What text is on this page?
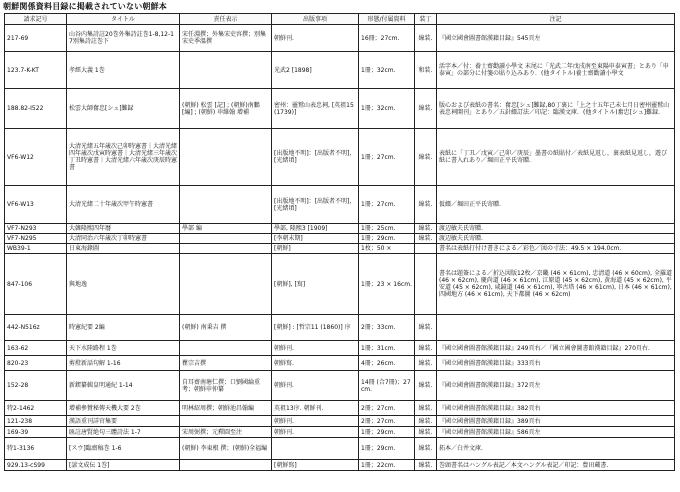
朝鮮関係資料目録に掲載されていない朝鮮本
請求記号	タイトル	責任表示	出版事項	形態/付属資料	装丁	注記
217-69	山谷内集詩註20巻外集詩註巻1-8,12-17別集詩註巻下	宋任淵撰；外集宋史容撰；別集宋史季溫撰	朝鮮刊.	16冊；27cm.	線装.	『國立國會圖書館漢籍目録』545頁左
123.7-K-KT	孝經大義 1巻		光武2 [1898]	1冊；32cm.	和装.	活字本／付：養士齋勸讀小學文 末尾に「光武二年戊戌南至東陽申泰寅書」とあり「申泰寅」の部分に付箋の貼り込みあり．(他タイトル)養士齋勸讀小學文
188.82-I522	松雲大師奮忠[シュ]難録	(朝鮮) 松雲 [記] ; (朝鮮)南鵬 [編] ; (朝鮮) 申維翰 增補	密州：靈鷲山表忠祠, [英祖15 (1739)]	1冊；32cm.	線装.	版心および表紙の書名：奮忠[シュ]難録,80丁裏に「上之十五年己未七月日密州靈鷲山表忠祠開刊」とあり／五針綴訂法／印記：臨漢文庫．(他タイトル)奮忠[シュ]難録．
VF6-W12	大清光緒五年歳次己卯時憲書｜大清光緒四年歳次戊寅時憲書｜大清光緒三年歳次丁丑時憲書｜大清光緒六年歳次庚辰時憲書		[出版地不明]：[出版者不明], [光緒頃]	1冊；27cm.	線装.	表紙に「丁丑／戊寅／己卯／庚辰」墨書の紙貼付／表紙見返し，裏表紙見返し，遊び紙に書入れあり／堀田正平氏寄贈.
VF6-W13	大清光緒二十年歳次甲午時憲書		[出版地不明]：[出版者不明], [光緒頃]	1冊；27cm.	線装.	仮綴／堀田正平氏寄贈.
VF7-N293	大韓隆熙四年暦	學部 編	學部, 隆熙3 [1909]	1冊；25cm.	線装.	渡辺敏夫氏寄贈.
VF7-N295	大清同治六年歳次丁卯時憲書		[李朝末期]	1冊；29cm.	線装.	渡辺敏夫氏寄贈.
WB39-1	日東海錄圖		[朝鮮]	1枚；50 ×		書名は表紙打付け書きによる／彩色／図の寸法：49.5 × 194.0cm.
847-106	與地逸		[朝鮮], [寫]	1冊；23 × 16cm.		書名は題簽による／折込図版12枚／京畿 (46 × 61cm), 忠清道 (46 × 60cm), 全羅道 (46 × 62cm), 慶尚道 (46 × 61cm), 江原道 (45 × 62cm), 黄海道 (45 × 62cm), 平安道 (45 × 62cm), 咸鏡道 (46 × 61cm), 寧古塔 (46 × 61cm), 日本 (46 × 61cm), 四國地方 (46 × 61cm), 天下都圖 (46 × 62cm)
442-N516z	時憲紀要 2編	(朝鮮) 南秉吉 撰	[朝鮮] : [哲宗11 (1860)] 序	2冊；33cm.	線装.	
163-62	天下水陸路程 1巻		朝鮮刊.	1冊；31cm.	線装.	『國立國會圖書館漢籍目録』249頁右／『國立國會圖書館漢籍目録』270頁右.
820-23	剪燈新話句解 1-16	瞿宗吉撰	朝鮮寫.	4冊；26cm.	線装.	『國立國會圖書館漢籍目録』333頁右
152-28	新鍥纂輯皇明通紀 1-14	自耳齋南塘仁撰；口劉國綸重考；朝鮮申仲纂	朝鮮刊.	14冊 (合7冊)；27cm.	線装.	『國立國會圖書館漢籍目録』372頁左
特2-1462	增補參贊秘傳天機大要 2巻	明林紹周撰；朝鮮池昌翰編	英祖13序. 朝鮮刊.	2冊；27cm.	線装.	『國立國會圖書館漢籍目録』382頁右
121-238	漢語重刊詳官集要		朝鮮刊.	2冊；27cm.	線装.	『國立國會圖書館漢籍目録』389頁右
169-39	匯註唐賢絶句三體詩法 1-7	宋周弼撰；元釋圓至注	朝鮮刊.	1冊；29cm.	線装.	『國立國會圖書館漢籍目録』586頁左
特1-3136	[スウ]臨齋稿巻 1-6	(朝鮮) 李東根 撰；(朝鮮)全福編		1冊；29cm.	線装.	拓本／白井文庫.
929.13-cS99	[諺文成伝 1巻]		[朝鮮寫]	1冊；22cm.	線装.	巻頭書名はハングル表記／本文ハングル表記／印記：豊田蔵書.
